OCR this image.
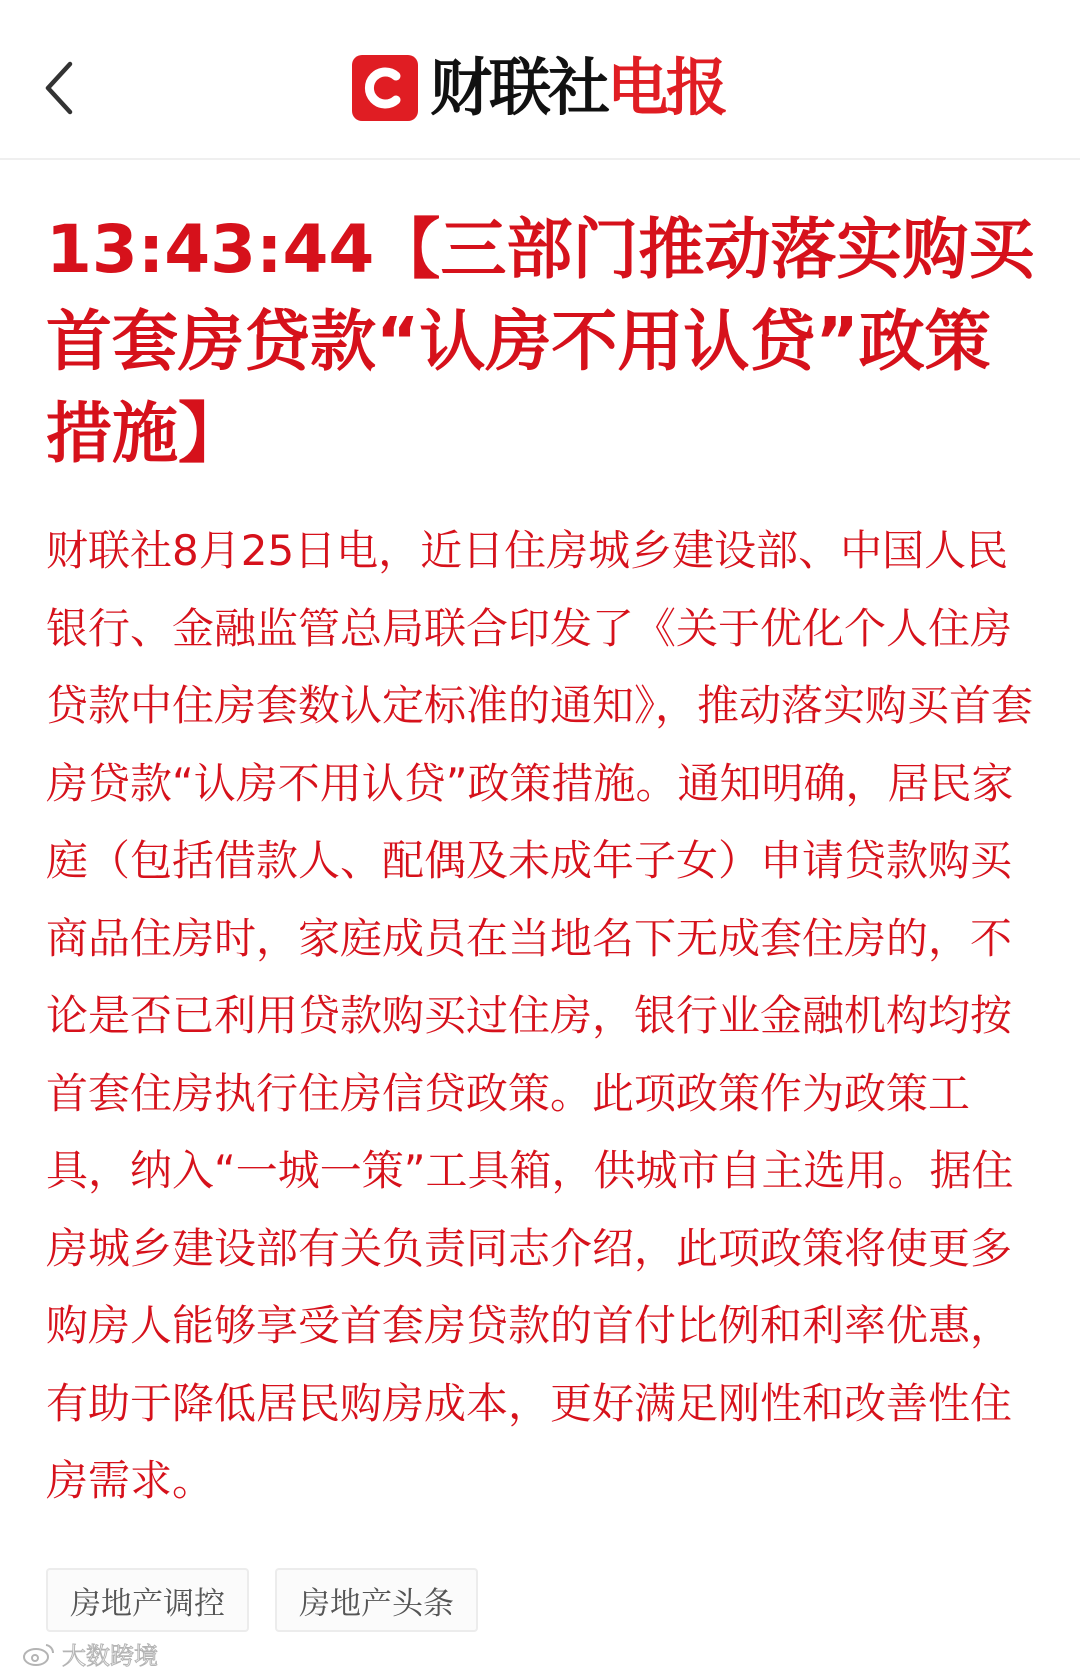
财联社 电报
13:43:44【三部门推动落实购买首套房贷款“认房不用认贷”政策措施】

财联社8月25日电，近日住房城乡建设部、中国人民银行、金融监管总局联合印发了《关于优化个人住房贷款中住房套数认定标准的通知》，推动落实购买首套房贷款“认房不用认贷”政策措施。通知明确，居民家庭（包括借款人、配偶及未成年子女）申请贷款购买商品住房时，家庭成员在当地名下无成套住房的，不论是否已利用贷款购买过住房，银行业金融机构均按首套住房执行住房信贷政策。此项政策作为政策工具，纳入“一城一策”工具箱，供城市自主选用。据住房城乡建设部有关负责同志介绍，此项政策将使更多购房人能够享受首套房贷款的首付比例和利率优惠，有助于降低居民购房成本，更好满足刚性和改善性住房需求。

房地产调控	房地产头条
大数跨境
